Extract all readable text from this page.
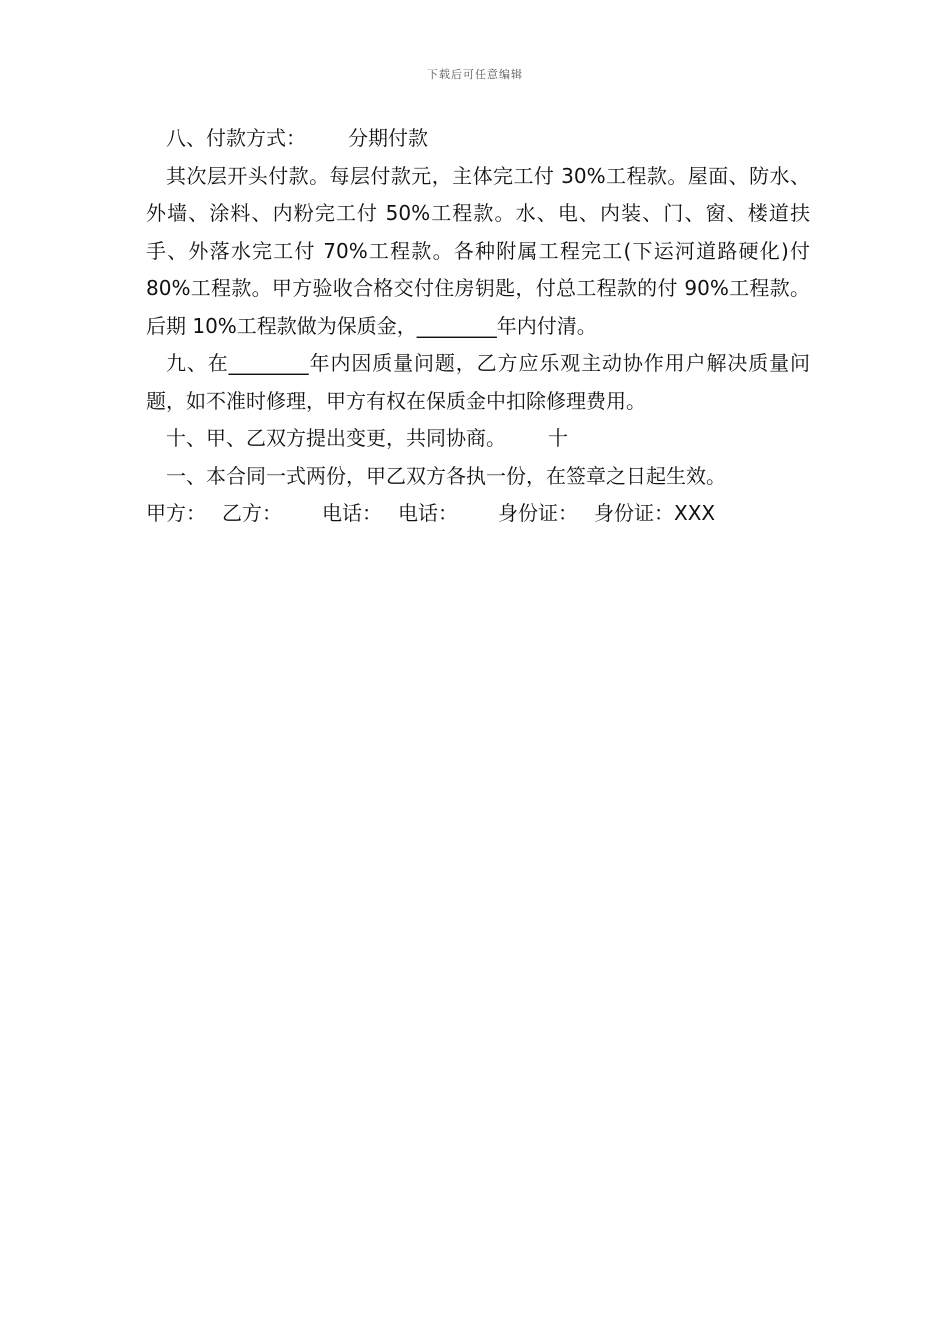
下载后可任意编辑

八、付款方式： 分期付款

其次层开头付款。每层付款元，主体完工付 30%工程款。屋面、防水、外墙、涂料、内粉完工付 50%工程款。水、电、内装、门、窗、楼道扶手、外落水完工付 70%工程款。各种附属工程完工(下运河道路硬化)付 80%工程款。甲方验收合格交付住房钥匙，付总工程款的付 90%工程款。后期 10%工程款做为保质金，________年内付清。

九、在________年内因质量问题，乙方应乐观主动协作用户解决质量问题，如不准时修理，甲方有权在保质金中扣除修理费用。

十、甲、乙双方提出变更，共同协商。 十

一、本合同一式两份，甲乙双方各执一份，在签章之日起生效。

甲方： 乙方： 电话： 电话： 身份证： 身份证：XXX
